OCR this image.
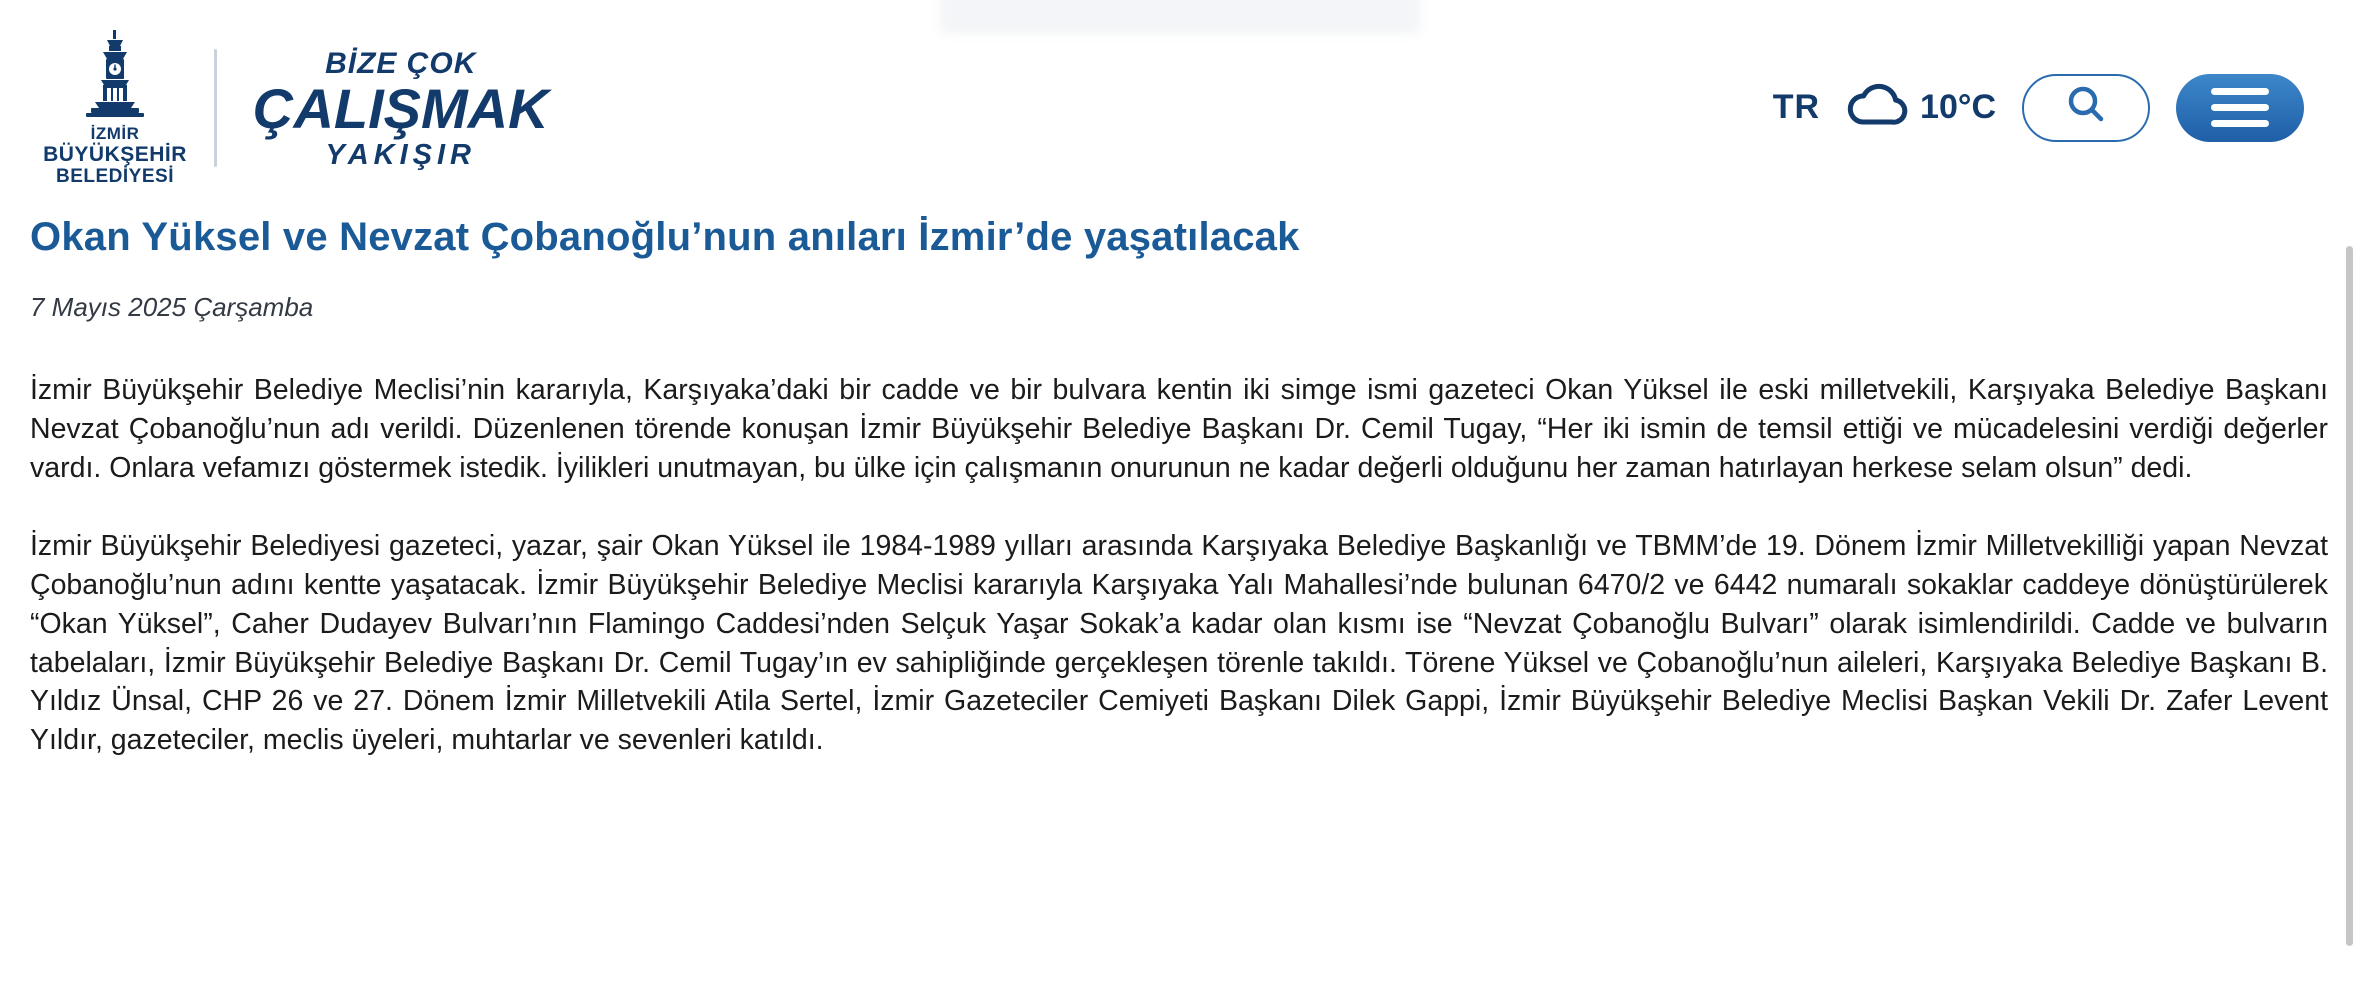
İZMİR
BÜYÜKŞEHİR
BELEDİYESİ
BİZE ÇOK
ÇALIŞMAK
YAKIŞIR
TR	10°C
Okan Yüksel ve Nevzat Çobanoğlu’nun anıları İzmir’de yaşatılacak
7 Mayıs 2025 Çarşamba

İzmir Büyükşehir Belediye Meclisi’nin kararıyla, Karşıyaka’daki bir cadde ve bir bulvara kentin iki simge ismi gazeteci Okan Yüksel ile eski milletvekili, Karşıyaka Belediye Başkanı Nevzat Çobanoğlu’nun adı verildi. Düzenlenen törende konuşan İzmir Büyükşehir Belediye Başkanı Dr. Cemil Tugay, “Her iki ismin de temsil ettiği ve mücadelesini verdiği değerler vardı. Onlara vefamızı göstermek istedik. İyilikleri unutmayan, bu ülke için çalışmanın onurunun ne kadar değerli olduğunu her zaman hatırlayan herkese selam olsun” dedi.

İzmir Büyükşehir Belediyesi gazeteci, yazar, şair Okan Yüksel ile 1984-1989 yılları arasında Karşıyaka Belediye Başkanlığı ve TBMM’de 19. Dönem İzmir Milletvekilliği yapan Nevzat Çobanoğlu’nun adını kentte yaşatacak. İzmir Büyükşehir Belediye Meclisi kararıyla Karşıyaka Yalı Mahallesi’nde bulunan 6470/2 ve 6442 numaralı sokaklar caddeye dönüştürülerek “Okan Yüksel”, Caher Dudayev Bulvarı’nın Flamingo Caddesi’nden Selçuk Yaşar Sokak’a kadar olan kısmı ise “Nevzat Çobanoğlu Bulvarı” olarak isimlendirildi. Cadde ve bulvarın tabelaları, İzmir Büyükşehir Belediye Başkanı Dr. Cemil Tugay’ın ev sahipliğinde gerçekleşen törenle takıldı. Törene Yüksel ve Çobanoğlu’nun aileleri, Karşıyaka Belediye Başkanı B. Yıldız Ünsal, CHP 26 ve 27. Dönem İzmir Milletvekili Atila Sertel, İzmir Gazeteciler Cemiyeti Başkanı Dilek Gappi, İzmir Büyükşehir Belediye Meclisi Başkan Vekili Dr. Zafer Levent Yıldır, gazeteciler, meclis üyeleri, muhtarlar ve sevenleri katıldı.
